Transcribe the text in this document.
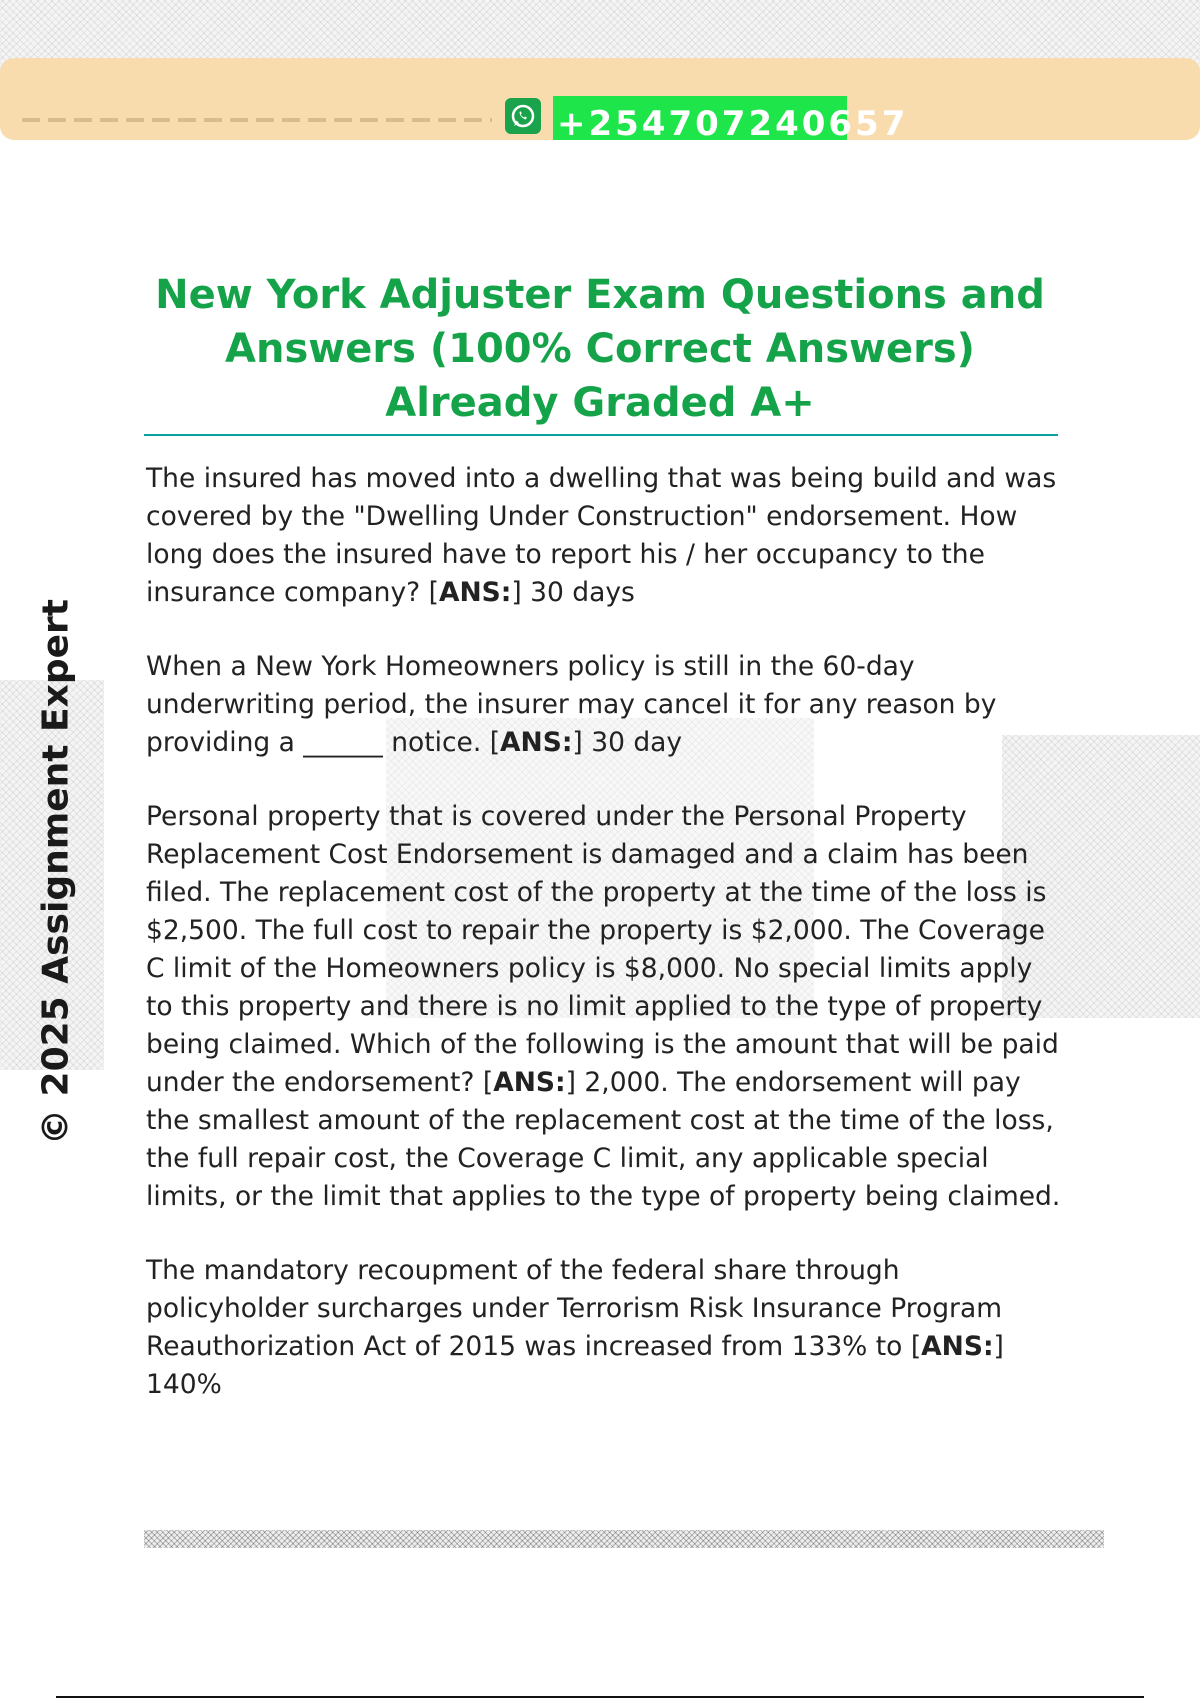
+254707240657
© 2025 Assignment Expert
New York Adjuster Exam Questions and Answers (100% Correct Answers) Already Graded A+

The insured has moved into a dwelling that was being build and was covered by the "Dwelling Under Construction" endorsement. How long does the insured have to report his / her occupancy to the insurance company? [ANS:] 30 days

When a New York Homeowners policy is still in the 60-day underwriting period, the insurer may cancel it for any reason by providing a ______ notice. [ANS:] 30 day

Personal property that is covered under the Personal Property Replacement Cost Endorsement is damaged and a claim has been filed. The replacement cost of the property at the time of the loss is $2,500. The full cost to repair the property is $2,000. The Coverage C limit of the Homeowners policy is $8,000. No special limits apply to this property and there is no limit applied to the type of property being claimed. Which of the following is the amount that will be paid under the endorsement? [ANS:] 2,000. The endorsement will pay the smallest amount of the replacement cost at the time of the loss, the full repair cost, the Coverage C limit, any applicable special limits, or the limit that applies to the type of property being claimed.

The mandatory recoupment of the federal share through policyholder surcharges under Terrorism Risk Insurance Program Reauthorization Act of 2015 was increased from 133% to [ANS:] 140%
